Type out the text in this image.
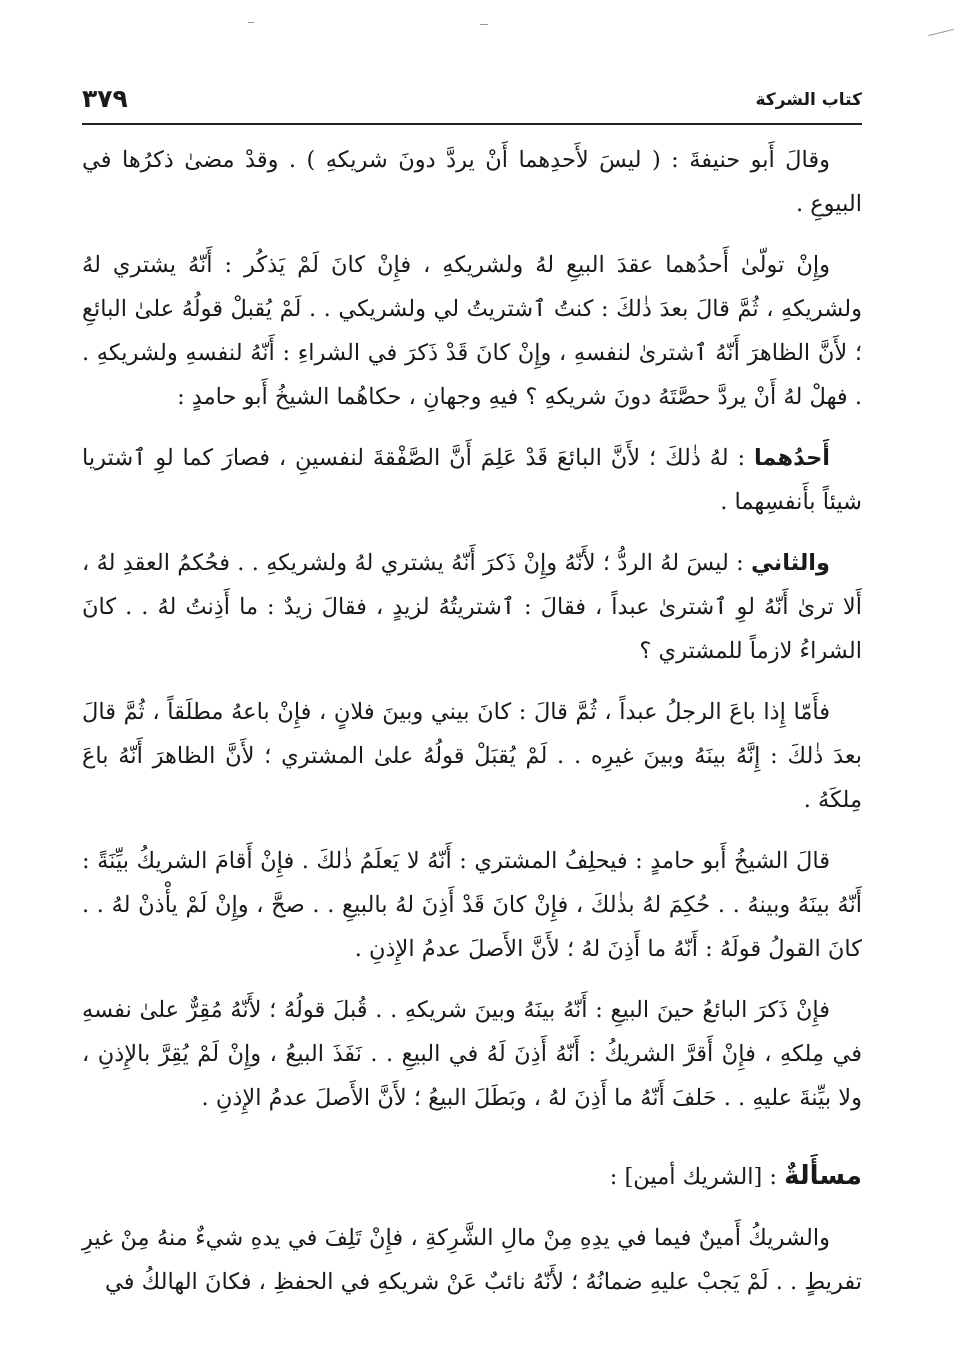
كتاب الشركة
٣٧٩

وقالَ أَبو حنيفةَ : ( ليسَ لأَحدِهما أَنْ يردَّ دونَ شريكهِ ) . وقدْ مضىٰ ذكرُها في البيوعِ .

وإِنْ تولّىٰ أَحدُهما عقدَ البيعِ لهُ ولشريكهِ ، فإِنْ كانَ لَمْ يَذكُر : أَنّهُ يشتري لهُ ولشريكهِ ، ثُمَّ قالَ بعدَ ذٰلكَ : كنتُ ٱشتريتُ لي ولشريكي . . لَمْ يُقبلْ قولُهُ علىٰ البائعِ ؛ لأَنَّ الظاهرَ أَنّهُ ٱشترىٰ لنفسهِ ، وإِنْ كانَ قَدْ ذَكرَ في الشراءِ : أَنّهُ لنفسهِ ولشريكهِ . . فهلْ لهُ أَنْ يردَّ حصَّتَهُ دونَ شريكهِ ؟ فيهِ وجهانِ ، حكاهُما الشيخُ أَبو حامدٍ :

أَحدُهما : لهُ ذٰلكَ ؛ لأَنَّ البائعَ قَدْ عَلِمَ أَنَّ الصَّفْقةَ لنفسينِ ، فصارَ كما لوِ ٱشتريا شيئاً بأَنفسِهما .

والثاني : ليسَ لهُ الردُّ ؛ لأَنّهُ وإِنْ ذَكرَ أَنّهُ يشتري لهُ ولشريكهِ . . فحُكمُ العقدِ لهُ ، أَلا ترىٰ أَنّهُ لوِ ٱشترىٰ عبداً ، فقالَ : ٱشتريتُهُ لزيدٍ ، فقالَ زيدٌ : ما أَذِنتُ لهُ . . كانَ الشراءُ لازماً للمشتري ؟

فأَمّا إِذا باعَ الرجلُ عبداً ، ثُمَّ قالَ : كانَ بيني وبينَ فلانٍ ، فإِنْ باعهُ مطلَقاً ، ثُمَّ قالَ بعدَ ذٰلكَ : إِنَّهُ بينَهُ وبينَ غيرِه . . لَمْ يُقبَلْ قولُهُ علىٰ المشتري ؛ لأَنَّ الظاهرَ أَنّهُ باعَ مِلكَهُ .

قالَ الشيخُ أَبو حامدٍ : فيحلِفُ المشتري : أَنّهُ لا يَعلَمُ ذٰلكَ . فإِنْ أَقامَ الشريكُ بيِّنَةً : أَنّهُ بينَهُ وبينهُ . . حُكِمَ لهُ بذٰلكَ ، فإِنْ كانَ قَدْ أَذِنَ لهُ بالبيعِ . . صحَّ ، وإِنْ لَمْ يأْذنْ لهُ . . كانَ القولُ قولَهُ : أَنّهُ ما أَذِنَ لهُ ؛ لأَنَّ الأَصلَ عدمُ الإِذنِ .

فإِنْ ذَكرَ البائعُ حينَ البيعِ : أَنّهُ بينَهُ وبينَ شريكهِ . . قُبلَ قولُهُ ؛ لأَنّهُ مُقِرٌّ علىٰ نفسهِ في مِلكهِ ، فإِنْ أَقرَّ الشريكُ : أَنّهُ أَذِنَ لَهُ في البيعِ . . نَفَذَ البيعُ ، وإِنْ لَمْ يُقِرَّ بالإِذنِ ، ولا بيِّنةَ عليهِ . . حَلفَ أَنّهُ ما أَذِنَ لهُ ، وبَطَلَ البيعُ ؛ لأَنَّ الأَصلَ عدمُ الإِذنِ .

مسأَلةٌ : [الشريك أمين] :

والشريكُ أَمينٌ فيما في يدِهِ مِنْ مالِ الشَّرِكةِ ، فإِنْ تَلِفَ في يدهِ شيءٌ منهُ مِنْ غيرِ تفريطٍ . . لَمْ يَجبْ عليهِ ضمانُهُ ؛ لأَنّهُ نائبٌ عَنْ شريكهِ في الحفظِ ، فكانَ الهالكُ في
